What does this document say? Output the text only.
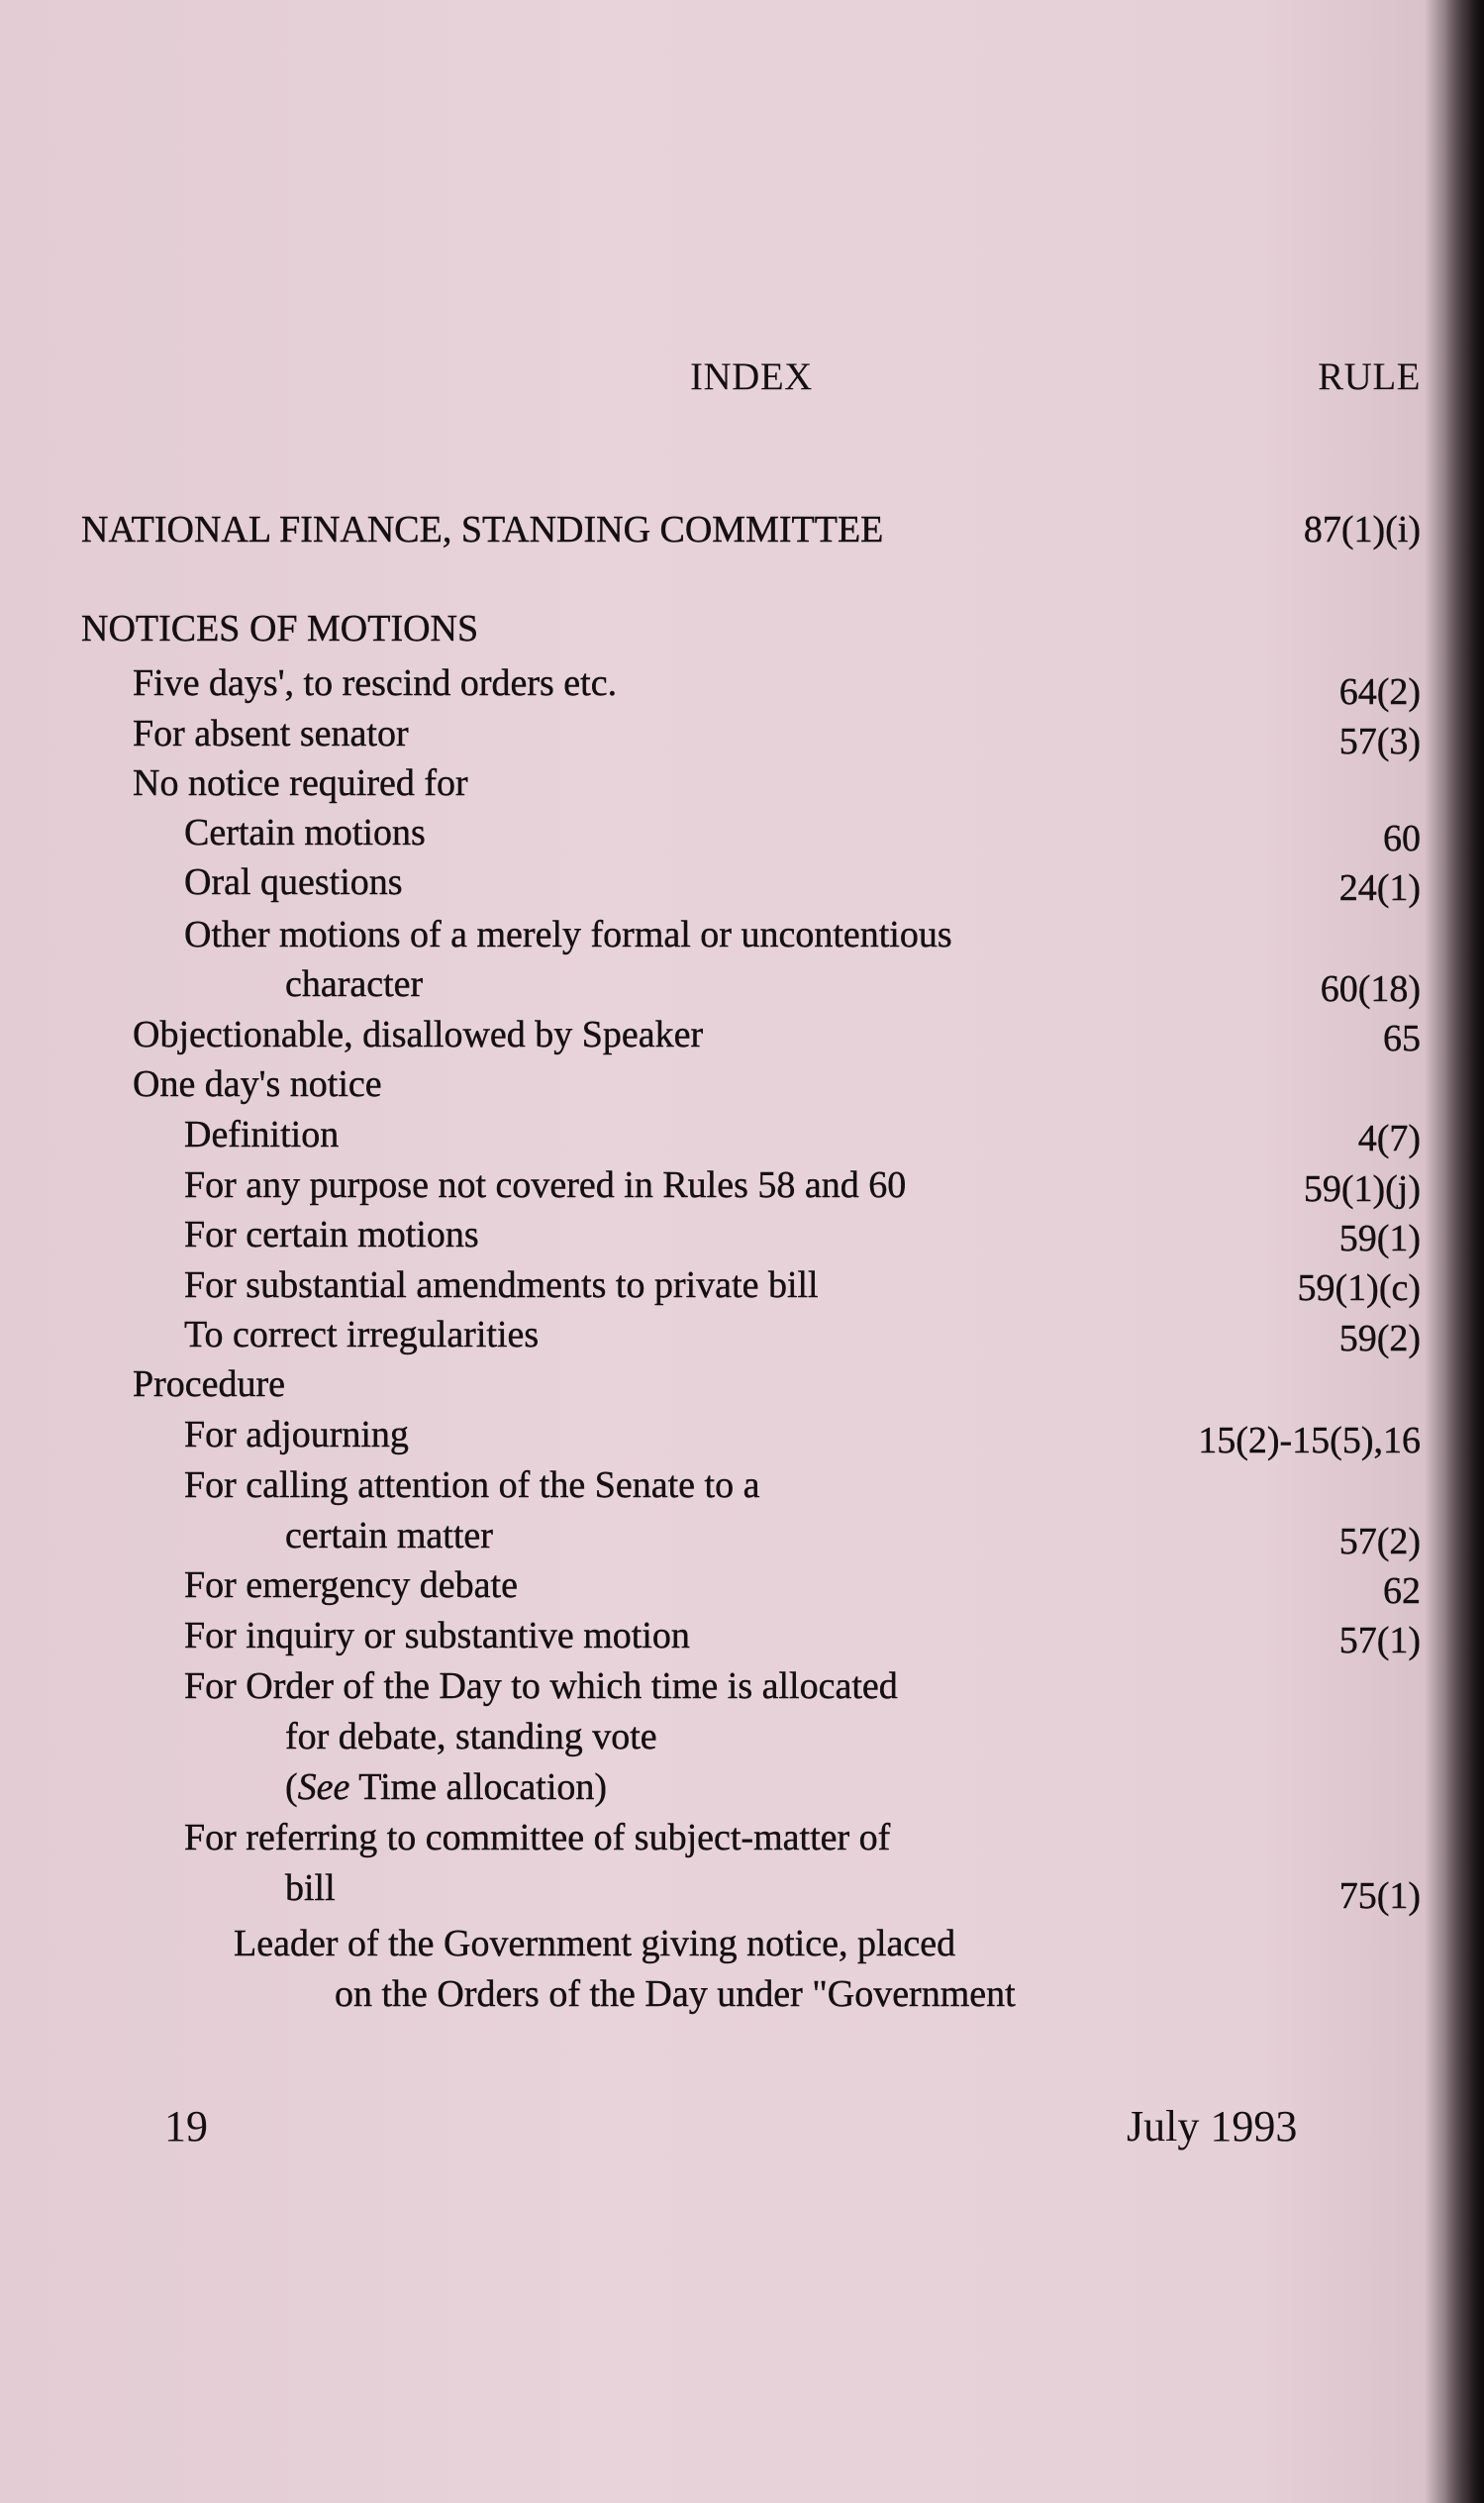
INDEX	RULE
NATIONAL FINANCE, STANDING COMMITTEE	87(1)(i)
NOTICES OF MOTIONS
Five days', to rescind orders etc.	64(2)
For absent senator	57(3)
No notice required for
Certain motions	60
Oral questions	24(1)
Other motions of a merely formal or uncontentious
character	60(18)
Objectionable, disallowed by Speaker	65
One day's notice
Definition	4(7)
For any purpose not covered in Rules 58 and 60	59(1)(j)
For certain motions	59(1)
For substantial amendments to private bill	59(1)(c)
To correct irregularities	59(2)
Procedure
For adjourning	15(2)-15(5),16
For calling attention of the Senate to a
certain matter	57(2)
For emergency debate	62
For inquiry or substantive motion	57(1)
For Order of the Day to which time is allocated
for debate, standing vote
(See Time allocation)
For referring to committee of subject-matter of
bill	75(1)
Leader of the Government giving notice, placed
on the Orders of the Day under "Government
19	July 1993
